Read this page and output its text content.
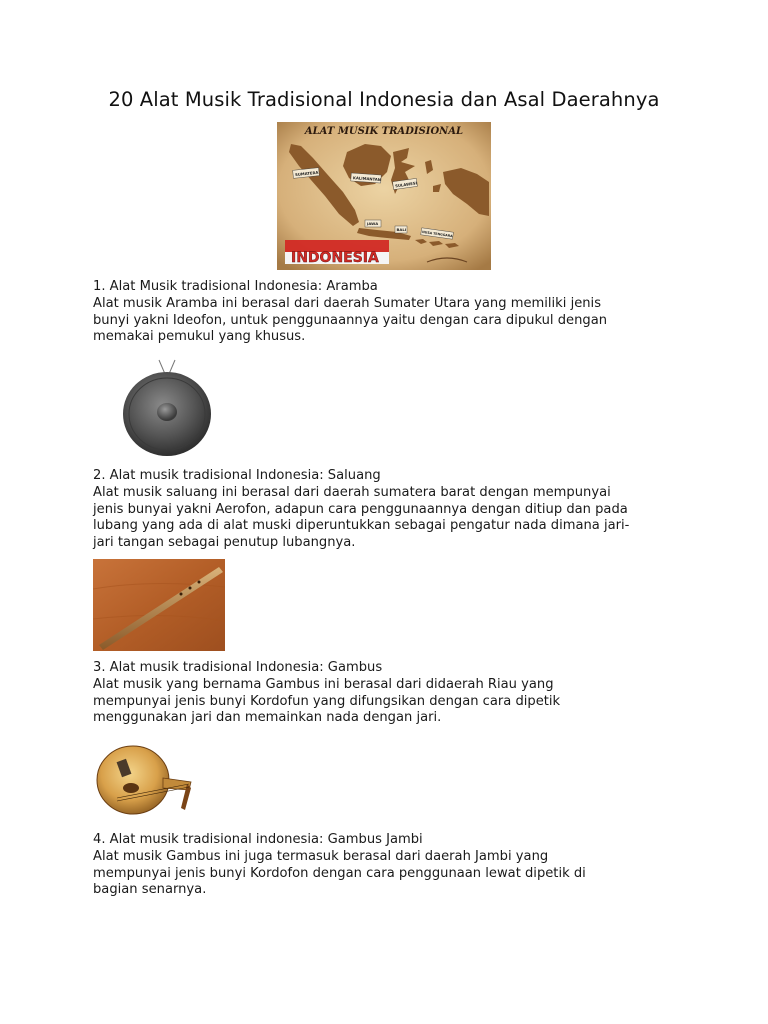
20 Alat Musik Tradisional Indonesia dan Asal Daerahnya
ALAT MUSIK TRADISIONAL
SUMATERA
KALIMANTAN
SULAWESI
JAWA
BALI
NUSA TENGGARA
INDONESIA

1. Alat Musik tradisional Indonesia: Aramba

Alat musik Aramba ini berasal dari daerah Sumater Utara yang memiliki jenis
bunyi yakni Ideofon, untuk penggunaannya yaitu dengan cara dipukul dengan
memakai pemukul yang khusus.

2. Alat musik tradisional Indonesia: Saluang

Alat musik saluang ini berasal dari daerah sumatera barat dengan mempunyai
jenis bunyai yakni Aerofon, adapun cara penggunaannya dengan ditiup dan pada
lubang yang ada di alat muski diperuntukkan sebagai pengatur nada dimana jari-
jari tangan sebagai penutup lubangnya.

3. Alat musik tradisional Indonesia: Gambus

Alat musik yang bernama Gambus ini berasal dari didaerah Riau yang
mempunyai jenis bunyi Kordofun yang difungsikan dengan cara dipetik
menggunakan jari dan memainkan nada dengan jari.

4. Alat musik tradisional indonesia: Gambus Jambi

Alat musik Gambus ini juga termasuk berasal dari daerah Jambi yang
mempunyai jenis bunyi Kordofon dengan cara penggunaan lewat dipetik di
bagian senarnya.
